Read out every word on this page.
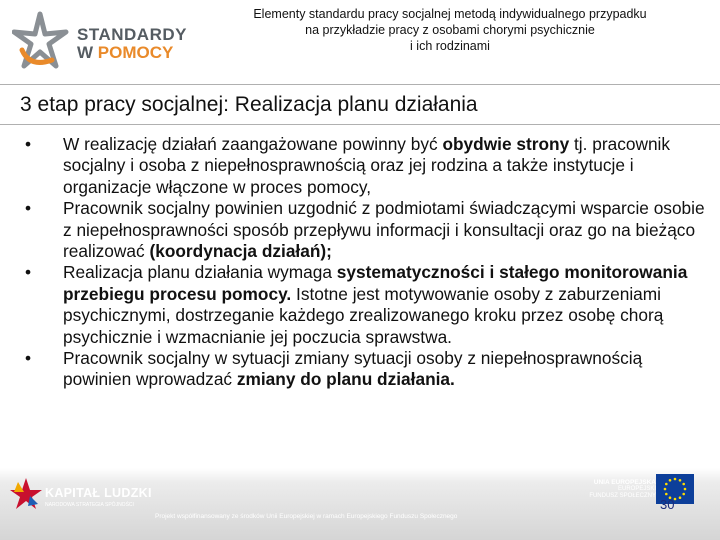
STANDARDY
W POMOCY
Elementy standardu pracy socjalnej metodą indywidualnego przypadku
na przykładzie pracy z osobami chorymi psychicznie
i ich rodzinami
3 etap pracy socjalnej: Realizacja planu działania
•	W realizację działań zaangażowane powinny być obydwie strony tj. pracownik socjalny i osoba z niepełnosprawnością oraz jej rodzina a także instytucje i organizacje włączone w proces pomocy,
•	Pracownik socjalny powinien uzgodnić z podmiotami świadczącymi wsparcie osobie z niepełnosprawności sposób przepływu informacji i konsultacji oraz go na bieżąco realizować (koordynacja działań);
•	Realizacja planu działania wymaga systematyczności i stałego monitorowania przebiegu procesu pomocy. Istotne jest motywowanie osoby z zaburzeniami psychicznymi, dostrzeganie każdego zrealizowanego kroku przez osobę chorą psychicznie i wzmacnianie jej poczucia sprawstwa.
•	Pracownik socjalny w sytuacji zmiany sytuacji osoby z niepełnosprawnością powinien wprowadzać zmiany do planu działania.
KAPITAŁ LUDZKI
NARODOWA STRATEGIA SPÓJNOŚCI
UNIA EUROPEJSKA
EUROPEJSKI
FUNDUSZ SPOŁECZNY
30
Projekt współfinansowany ze środków Unii Europejskiej w ramach Europejskiego Funduszu Społecznego
